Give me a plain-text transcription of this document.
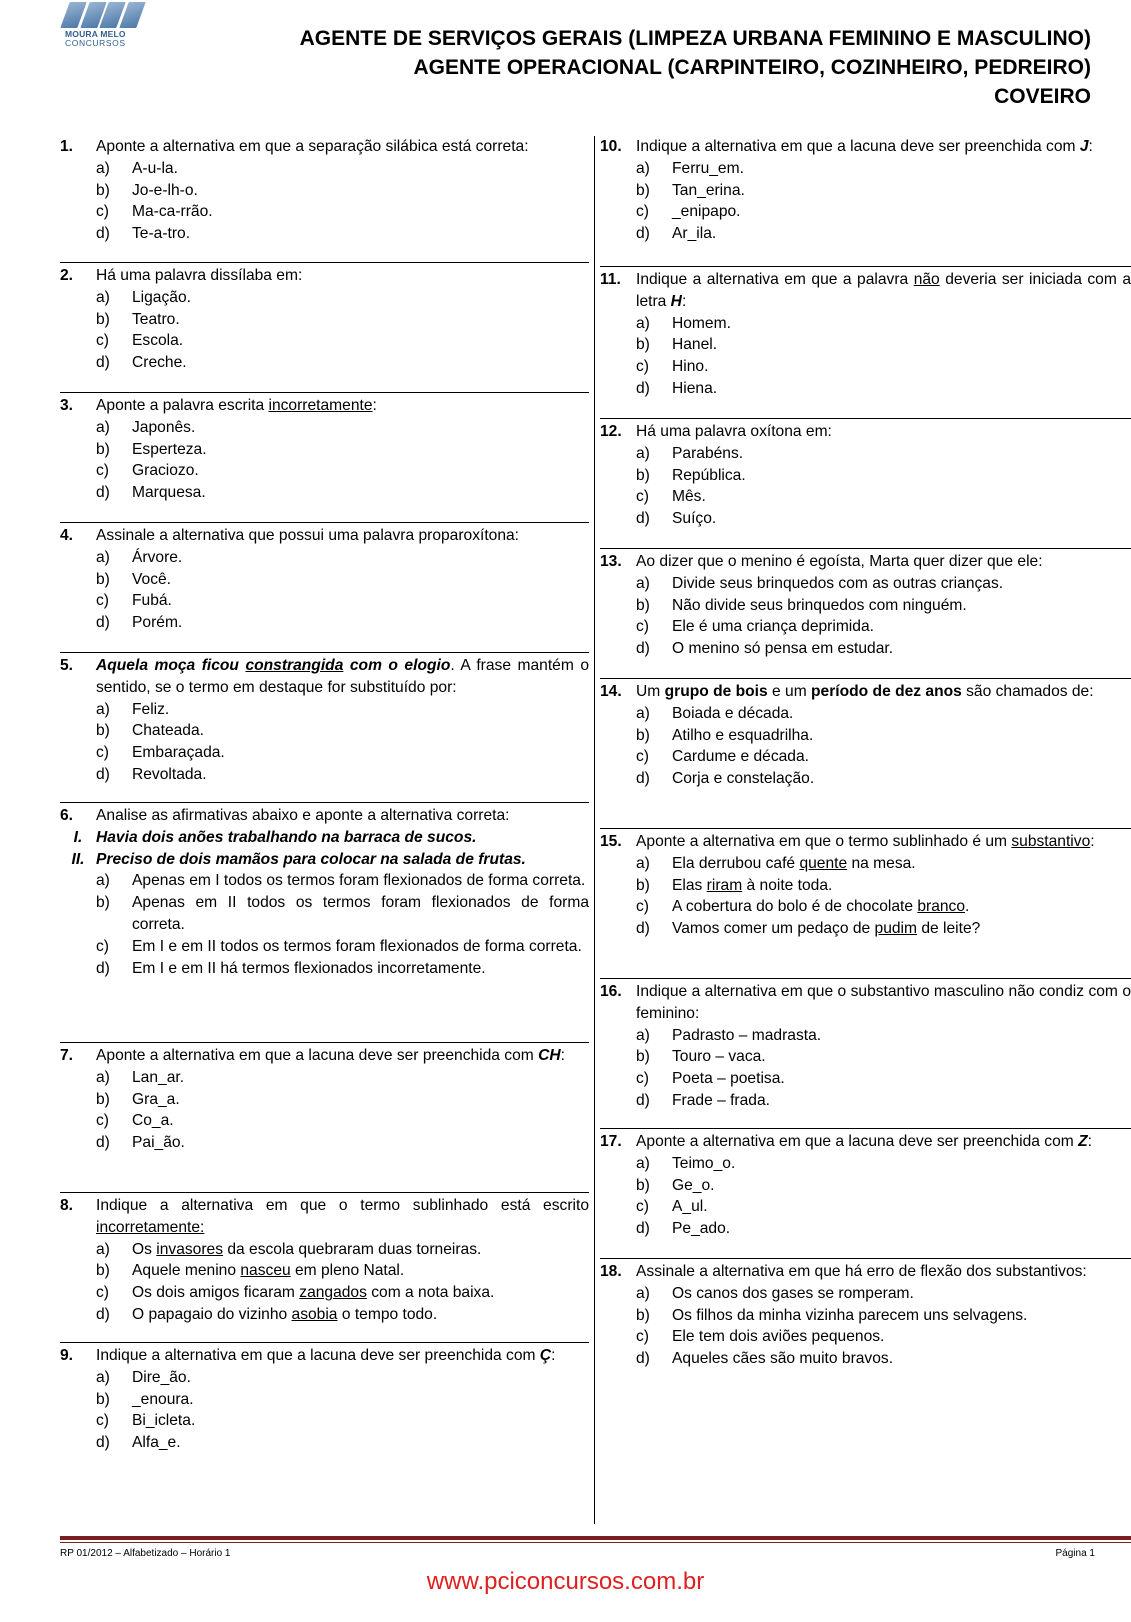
MOURA MELO
CONCURSOS	AGENTE DE SERVIÇOS GERAIS (LIMPEZA URBANA FEMININO E MASCULINO)
AGENTE OPERACIONAL (CARPINTEIRO, COZINHEIRO, PEDREIRO)
COVEIRO
1.	Aponte a alternativa em que a separação silábica está correta:
a)	A-u-la.
b)	Jo-e-lh-o.
c)	Ma-ca-rrão.
d)	Te-a-tro.
2.	Há uma palavra dissílaba em:
a)	Ligação.
b)	Teatro.
c)	Escola.
d)	Creche.
3.	Aponte a palavra escrita incorretamente:
a)	Japonês.
b)	Esperteza.
c)	Graciozo.
d)	Marquesa.
4.	Assinale a alternativa que possui uma palavra proparoxítona:
a)	Árvore.
b)	Você.
c)	Fubá.
d)	Porém.
5.	Aquela moça ficou constrangida com o elogio. A frase mantém o sentido, se o termo em destaque for substituído por:
a)	Feliz.
b)	Chateada.
c)	Embaraçada.
d)	Revoltada.
6.	Analise as afirmativas abaixo e aponte a alternativa correta:
I. Havia dois anões trabalhando na barraca de sucos.
II. Preciso de dois mamãos para colocar na salada de frutas.
a)	Apenas em I todos os termos foram flexionados de forma correta.
b)	Apenas em II todos os termos foram flexionados de forma correta.
c)	Em I e em II todos os termos foram flexionados de forma correta.
d)	Em I e em II há termos flexionados incorretamente.
7.	Aponte a alternativa em que a lacuna deve ser preenchida com CH:
a)	Lan_ar.
b)	Gra_a.
c)	Co_a.
d)	Pai_ão.
8.	Indique a alternativa em que o termo sublinhado está escrito incorretamente:
a)	Os invasores da escola quebraram duas torneiras.
b)	Aquele menino nasceu em pleno Natal.
c)	Os dois amigos ficaram zangados com a nota baixa.
d)	O papagaio do vizinho asobia o tempo todo.
9.	Indique a alternativa em que a lacuna deve ser preenchida com Ç:
a)	Dire_ão.
b)	_enoura.
c)	Bi_icleta.
d)	Alfa_e.
10. Indique a alternativa em que a lacuna deve ser preenchida com J:
a)	Ferru_em.
b)	Tan_erina.
c)	_enipapo.
d)	Ar_ila.
11. Indique a alternativa em que a palavra não deveria ser iniciada com a letra H:
a)	Homem.
b)	Hanel.
c)	Hino.
d)	Hiena.
12. Há uma palavra oxítona em:
a)	Parabéns.
b)	República.
c)	Mês.
d)	Suíço.
13. Ao dizer que o menino é egoísta, Marta quer dizer que ele:
a)	Divide seus brinquedos com as outras crianças.
b)	Não divide seus brinquedos com ninguém.
c)	Ele é uma criança deprimida.
d)	O menino só pensa em estudar.
14. Um grupo de bois e um período de dez anos são chamados de:
a)	Boiada e década.
b)	Atilho e esquadrilha.
c)	Cardume e década.
d)	Corja e constelação.
15. Aponte a alternativa em que o termo sublinhado é um substantivo:
a)	Ela derrubou café quente na mesa.
b)	Elas riram à noite toda.
c)	A cobertura do bolo é de chocolate branco.
d)	Vamos comer um pedaço de pudim de leite?
16. Indique a alternativa em que o substantivo masculino não condiz com o feminino:
a)	Padrasto – madrasta.
b)	Touro – vaca.
c)	Poeta – poetisa.
d)	Frade – frada.
17. Aponte a alternativa em que a lacuna deve ser preenchida com Z:
a)	Teimo_o.
b)	Ge_o.
c)	A_ul.
d)	Pe_ado.
18. Assinale a alternativa em que há erro de flexão dos substantivos:
a)	Os canos dos gases se romperam.
b)	Os filhos da minha vizinha parecem uns selvagens.
c)	Ele tem dois aviões pequenos.
d)	Aqueles cães são muito bravos.
RP 01/2012 – Alfabetizado – Horário 1	Página 1
www.pciconcursos.com.br
